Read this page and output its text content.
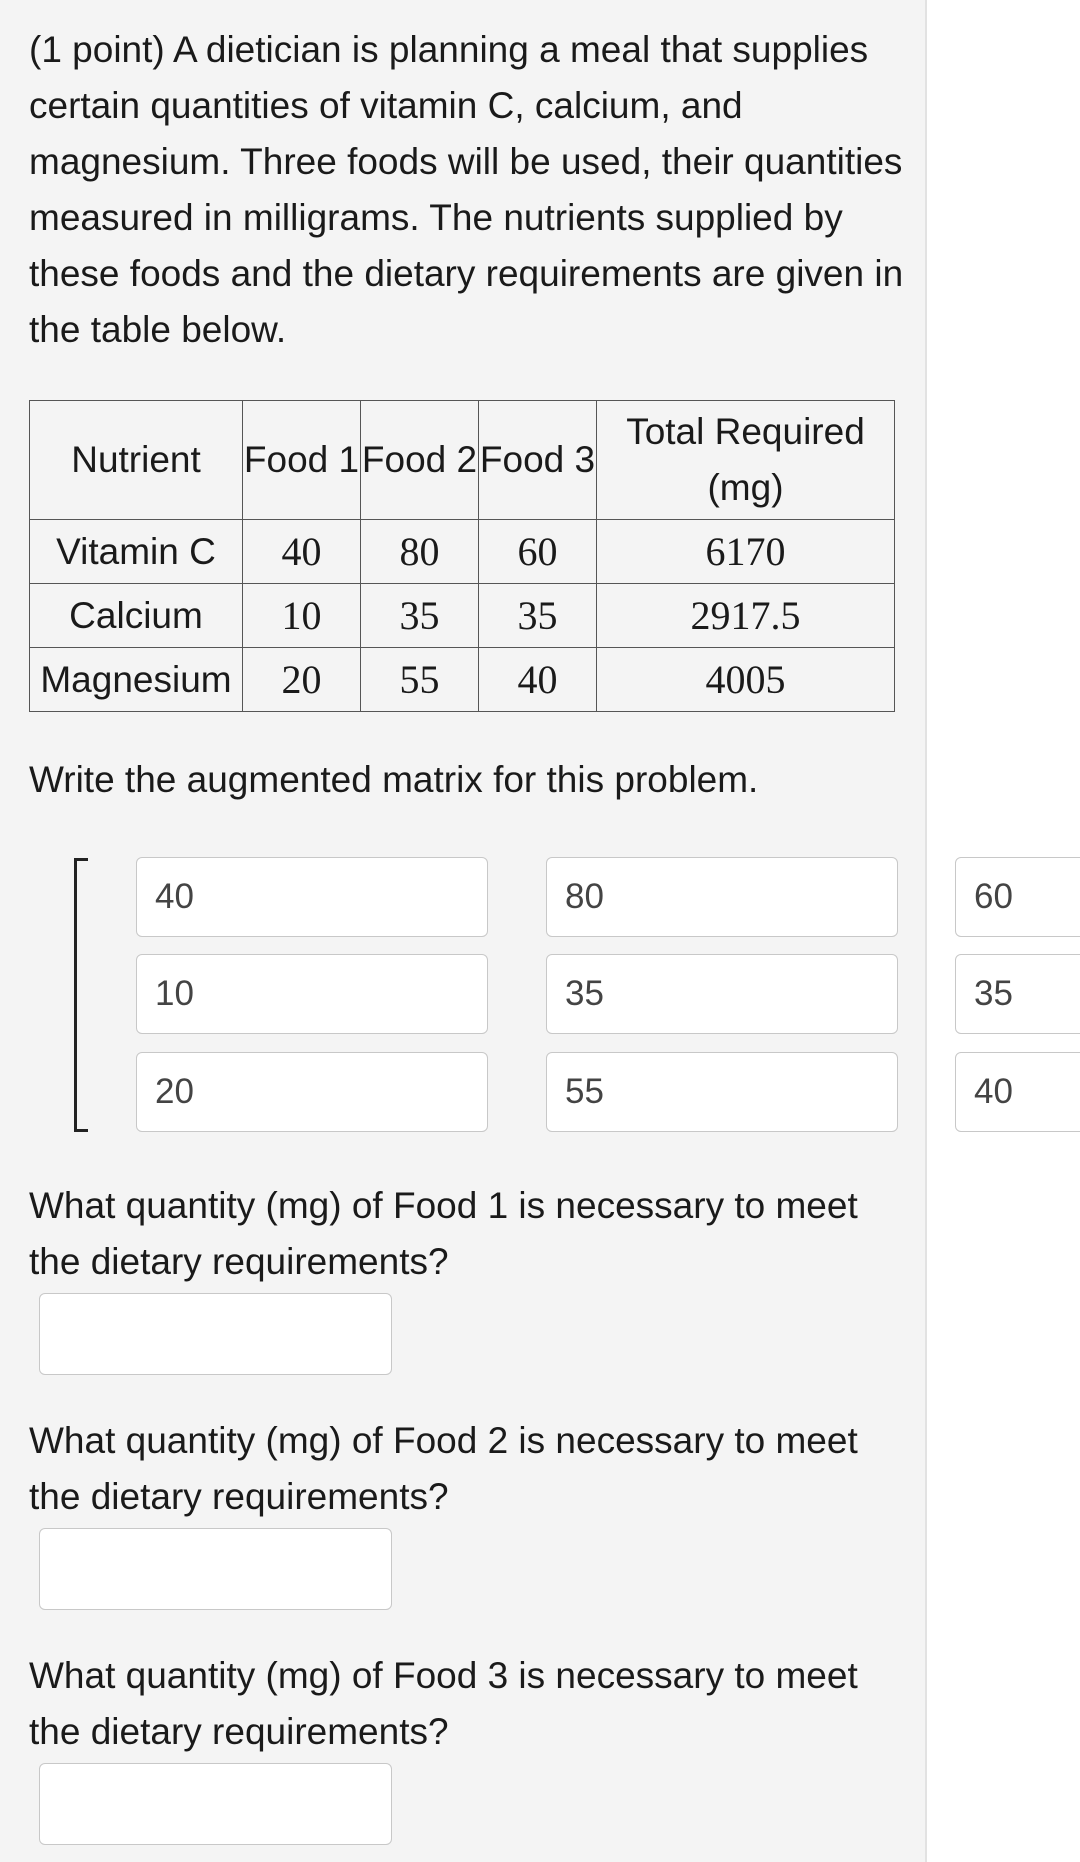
(1 point) A dietician is planning a meal that supplies certain quantities of vitamin C, calcium, and magnesium. Three foods will be used, their quantities measured in milligrams. The nutrients supplied by these foods and the dietary requirements are given in the table below.

Nutrient	Food 1	Food 2	Food 3	Total Required (mg)
Vitamin C	40	80	60	6170
Calcium	10	35	35	2917.5
Magnesium	20	55	40	4005

Write the augmented matrix for this problem.

40	80	60
10	35	35
20	55	40

What quantity (mg) of Food 1 is necessary to meet the dietary requirements?

What quantity (mg) of Food 2 is necessary to meet the dietary requirements?

What quantity (mg) of Food 3 is necessary to meet the dietary requirements?
